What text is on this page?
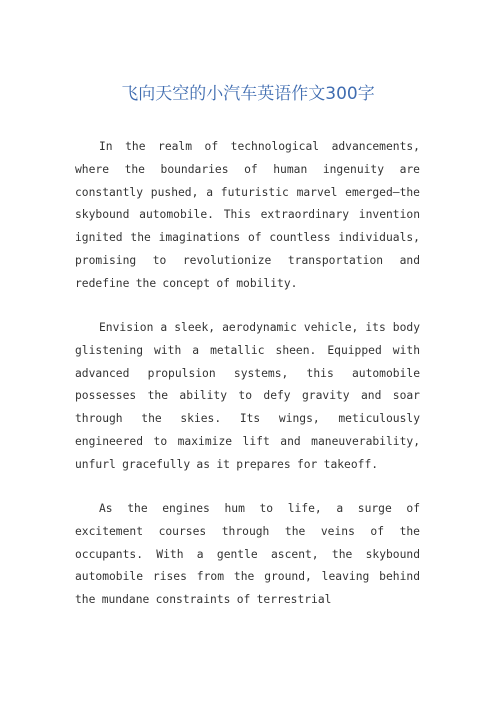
飞向天空的小汽车英语作文300字

In the realm of technological advancements, where the boundaries of human ingenuity are constantly pushed, a futuristic marvel emerged—the skybound automobile. This extraordinary invention ignited the imaginations of countless individuals, promising to revolutionize transportation and redefine the concept of mobility.

Envision a sleek, aerodynamic vehicle, its body glistening with a metallic sheen. Equipped with advanced propulsion systems, this automobile possesses the ability to defy gravity and soar through the skies. Its wings, meticulously engineered to maximize lift and maneuverability, unfurl gracefully as it prepares for takeoff.

As the engines hum to life, a surge of excitement courses through the veins of the occupants. With a gentle ascent, the skybound automobile rises from the ground, leaving behind the mundane constraints of terrestrial
